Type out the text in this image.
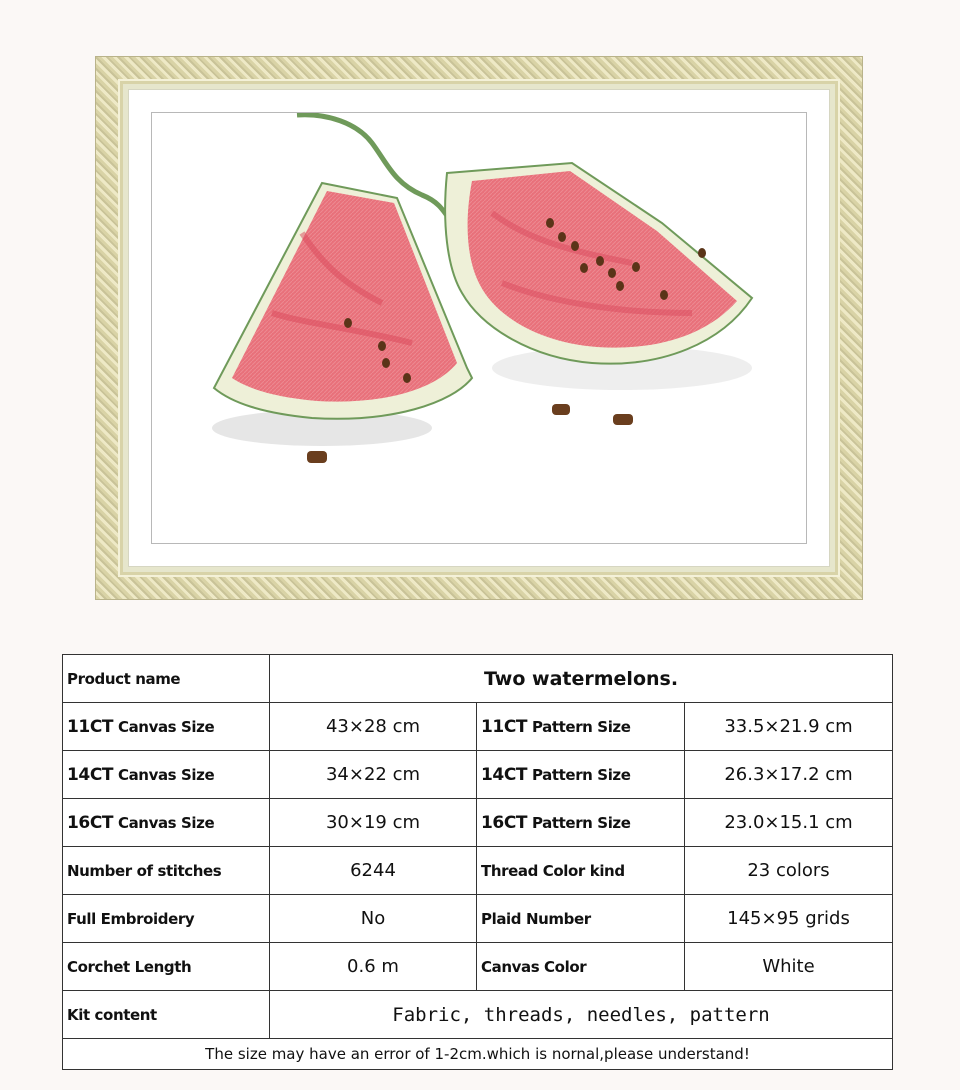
Product name	Two watermelons.		
11CT Canvas Size	43×28 cm	11CT Pattern Size	33.5×21.9 cm
14CT Canvas Size	34×22 cm	14CT Pattern Size	26.3×17.2 cm
16CT Canvas Size	30×19 cm	16CT Pattern Size	23.0×15.1 cm
Number of stitches	6244	Thread Color kind	23 colors
Full Embroidery	No	Plaid Number	145×95 grids
Corchet Length	0.6 m	Canvas Color	White
Kit content	Fabric, threads, needles, pattern		
The size may have an error of 1-2cm.which is nornal,please understand!			
